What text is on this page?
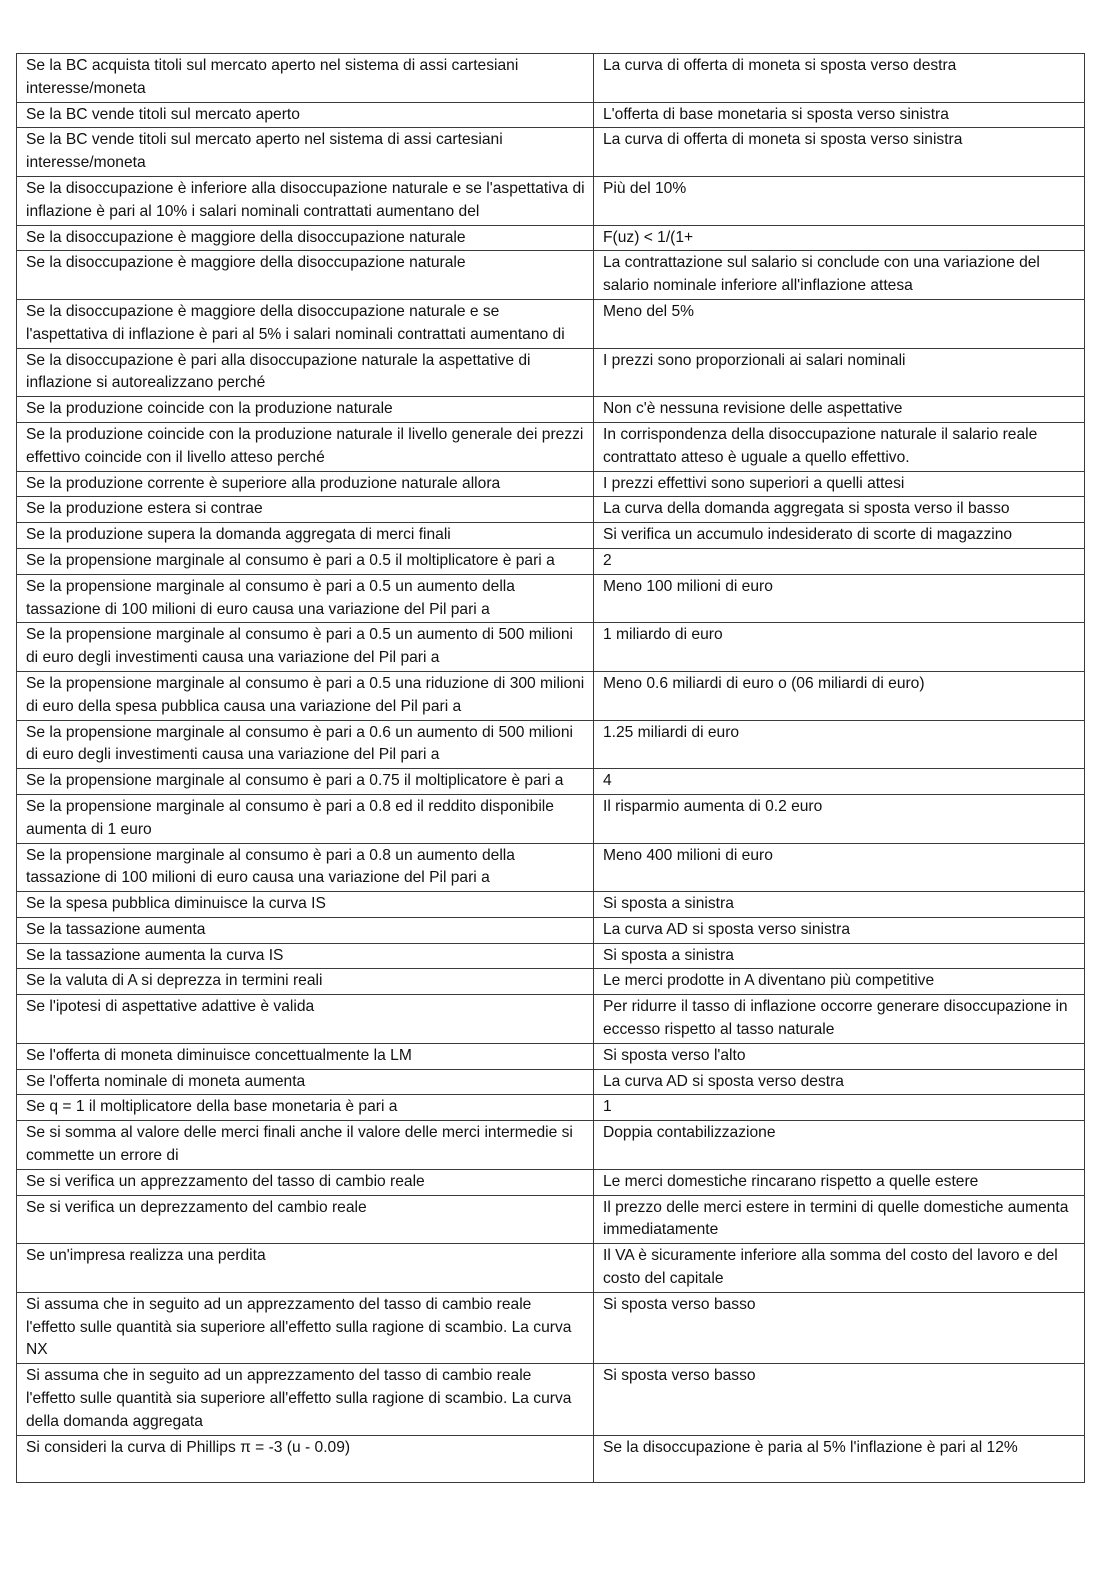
Se la BC acquista titoli sul mercato aperto nel sistema di assi cartesiani interesse/moneta	La curva di offerta di moneta si sposta verso destra
Se la BC vende titoli sul mercato aperto	L'offerta di base monetaria si sposta verso sinistra
Se la BC vende titoli sul mercato aperto nel sistema di assi cartesiani interesse/moneta	La curva di offerta di moneta si sposta verso sinistra
Se la disoccupazione è inferiore alla disoccupazione naturale e se l'aspettativa di inflazione è pari al 10% i salari nominali contrattati aumentano del	Più del 10%
Se la disoccupazione è maggiore della disoccupazione naturale	F(uz) < 1/(1+
Se la disoccupazione è maggiore della disoccupazione naturale	La contrattazione sul salario si conclude con una variazione del salario nominale inferiore all'inflazione attesa
Se la disoccupazione è maggiore della disoccupazione naturale e se l'aspettativa di inflazione è pari al 5% i salari nominali contrattati aumentano di	Meno del 5%
Se la disoccupazione è pari alla disoccupazione naturale la aspettative di inflazione si autorealizzano perché	I prezzi sono proporzionali ai salari nominali
Se la produzione coincide con la produzione naturale	Non c'è nessuna revisione delle aspettative
Se la produzione coincide con la produzione naturale il livello generale dei prezzi effettivo coincide con il livello atteso perché	In corrispondenza della disoccupazione naturale il salario reale contrattato atteso è uguale a quello effettivo.
Se la produzione corrente è superiore alla produzione naturale allora	I prezzi effettivi sono superiori a quelli attesi
Se la produzione estera si contrae	La curva della domanda aggregata si sposta verso il basso
Se la produzione supera la domanda aggregata di merci finali	Si verifica un accumulo indesiderato di scorte di magazzino
Se la propensione marginale al consumo è pari a 0.5 il moltiplicatore è pari a	2
Se la propensione marginale al consumo è pari a 0.5 un aumento della tassazione di 100 milioni di euro causa una variazione del Pil pari a	Meno 100 milioni di euro
Se la propensione marginale al consumo è pari a 0.5 un aumento di 500 milioni di euro degli investimenti causa una variazione del Pil pari a	1 miliardo di euro
Se la propensione marginale al consumo è pari a 0.5 una riduzione di 300 milioni di euro della spesa pubblica causa una variazione del Pil pari a	Meno 0.6 miliardi di euro o (06 miliardi di euro)
Se la propensione marginale al consumo è pari a 0.6 un aumento di 500 milioni di euro degli investimenti causa una variazione del Pil pari a	1.25 miliardi di euro
Se la propensione marginale al consumo è pari a 0.75 il moltiplicatore è pari a	4
Se la propensione marginale al consumo è pari a 0.8 ed il reddito disponibile aumenta di 1 euro	Il risparmio aumenta di 0.2 euro
Se la propensione marginale al consumo è pari a 0.8 un aumento della tassazione di 100 milioni di euro causa una variazione del Pil pari a	Meno 400 milioni di euro
Se la spesa pubblica diminuisce la curva IS	Si sposta a sinistra
Se la tassazione aumenta	La curva AD si sposta verso sinistra
Se la tassazione aumenta la curva IS	Si sposta a sinistra
Se la valuta di A si deprezza in termini reali	Le merci prodotte in A diventano più competitive
Se l'ipotesi di aspettative adattive è valida	Per ridurre il tasso di inflazione occorre generare disoccupazione in eccesso rispetto al tasso naturale
Se l'offerta di moneta diminuisce concettualmente la LM	Si sposta verso l'alto
Se l'offerta nominale di moneta aumenta	La curva AD si sposta verso destra
Se q = 1 il moltiplicatore della base monetaria è pari a	1
Se si somma al valore delle merci finali anche il valore delle merci intermedie si commette un errore di	Doppia contabilizzazione
Se si verifica un apprezzamento del tasso di cambio reale	Le merci domestiche rincarano rispetto a quelle estere
Se si verifica un deprezzamento del cambio reale	Il prezzo delle merci estere in termini di quelle domestiche aumenta immediatamente
Se un'impresa realizza una perdita	Il VA è sicuramente inferiore alla somma del costo del lavoro e del costo del capitale
Si assuma che in seguito ad un apprezzamento del tasso di cambio reale l'effetto sulle quantità sia superiore all'effetto sulla ragione di scambio. La curva NX	Si sposta verso basso
Si assuma che in seguito ad un apprezzamento del tasso di cambio reale l'effetto sulle quantità sia superiore all'effetto sulla ragione di scambio. La curva della domanda aggregata	Si sposta verso basso
Si consideri la curva di Phillips π = -3 (u - 0.09)	Se la disoccupazione è paria al 5% l'inflazione è pari al 12%
